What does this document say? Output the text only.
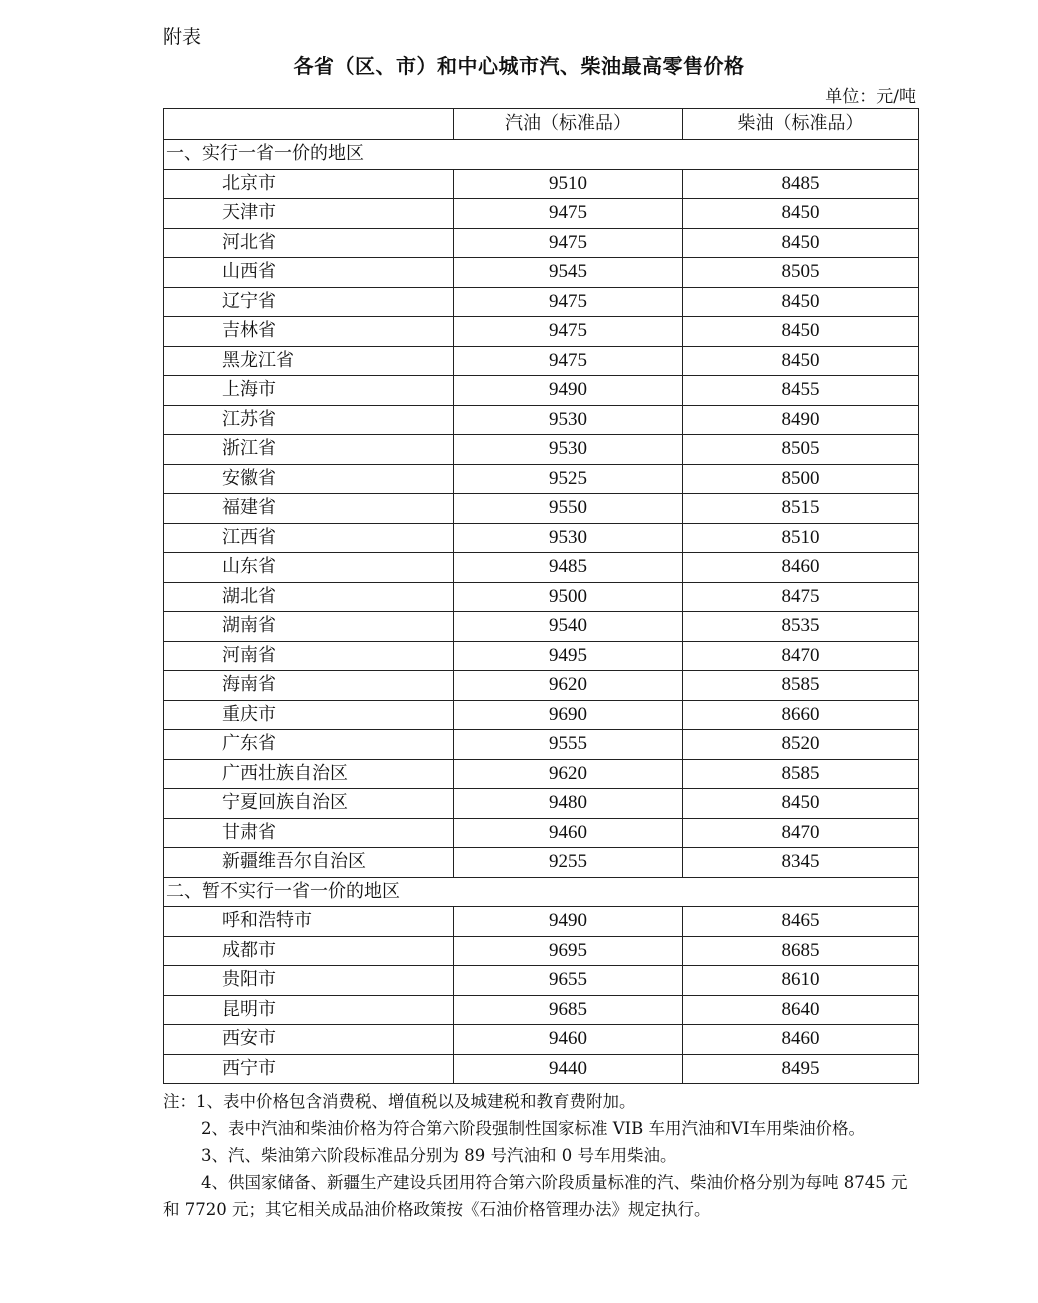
附表
各省（区、市）和中心城市汽、柴油最高零售价格
单位：元/吨
	汽油（标准品）	柴油（标准品）
一、实行一省一价的地区		
北京市	9510	8485
天津市	9475	8450
河北省	9475	8450
山西省	9545	8505
辽宁省	9475	8450
吉林省	9475	8450
黑龙江省	9475	8450
上海市	9490	8455
江苏省	9530	8490
浙江省	9530	8505
安徽省	9525	8500
福建省	9550	8515
江西省	9530	8510
山东省	9485	8460
湖北省	9500	8475
湖南省	9540	8535
河南省	9495	8470
海南省	9620	8585
重庆市	9690	8660
广东省	9555	8520
广西壮族自治区	9620	8585
宁夏回族自治区	9480	8450
甘肃省	9460	8470
新疆维吾尔自治区	9255	8345
二、暂不实行一省一价的地区		
呼和浩特市	9490	8465
成都市	9695	8685
贵阳市	9655	8610
昆明市	9685	8640
西安市	9460	8460
西宁市	9440	8495

注：1、表中价格包含消费税、增值税以及城建税和教育费附加。

2、表中汽油和柴油价格为符合第六阶段强制性国家标准 VIB 车用汽油和VI车用柴油价格。

3、汽、柴油第六阶段标准品分别为 89 号汽油和 0 号车用柴油。

4、供国家储备、新疆生产建设兵团用符合第六阶段质量标准的汽、柴油价格分别为每吨 8745 元和 7720 元；其它相关成品油价格政策按《石油价格管理办法》规定执行。
